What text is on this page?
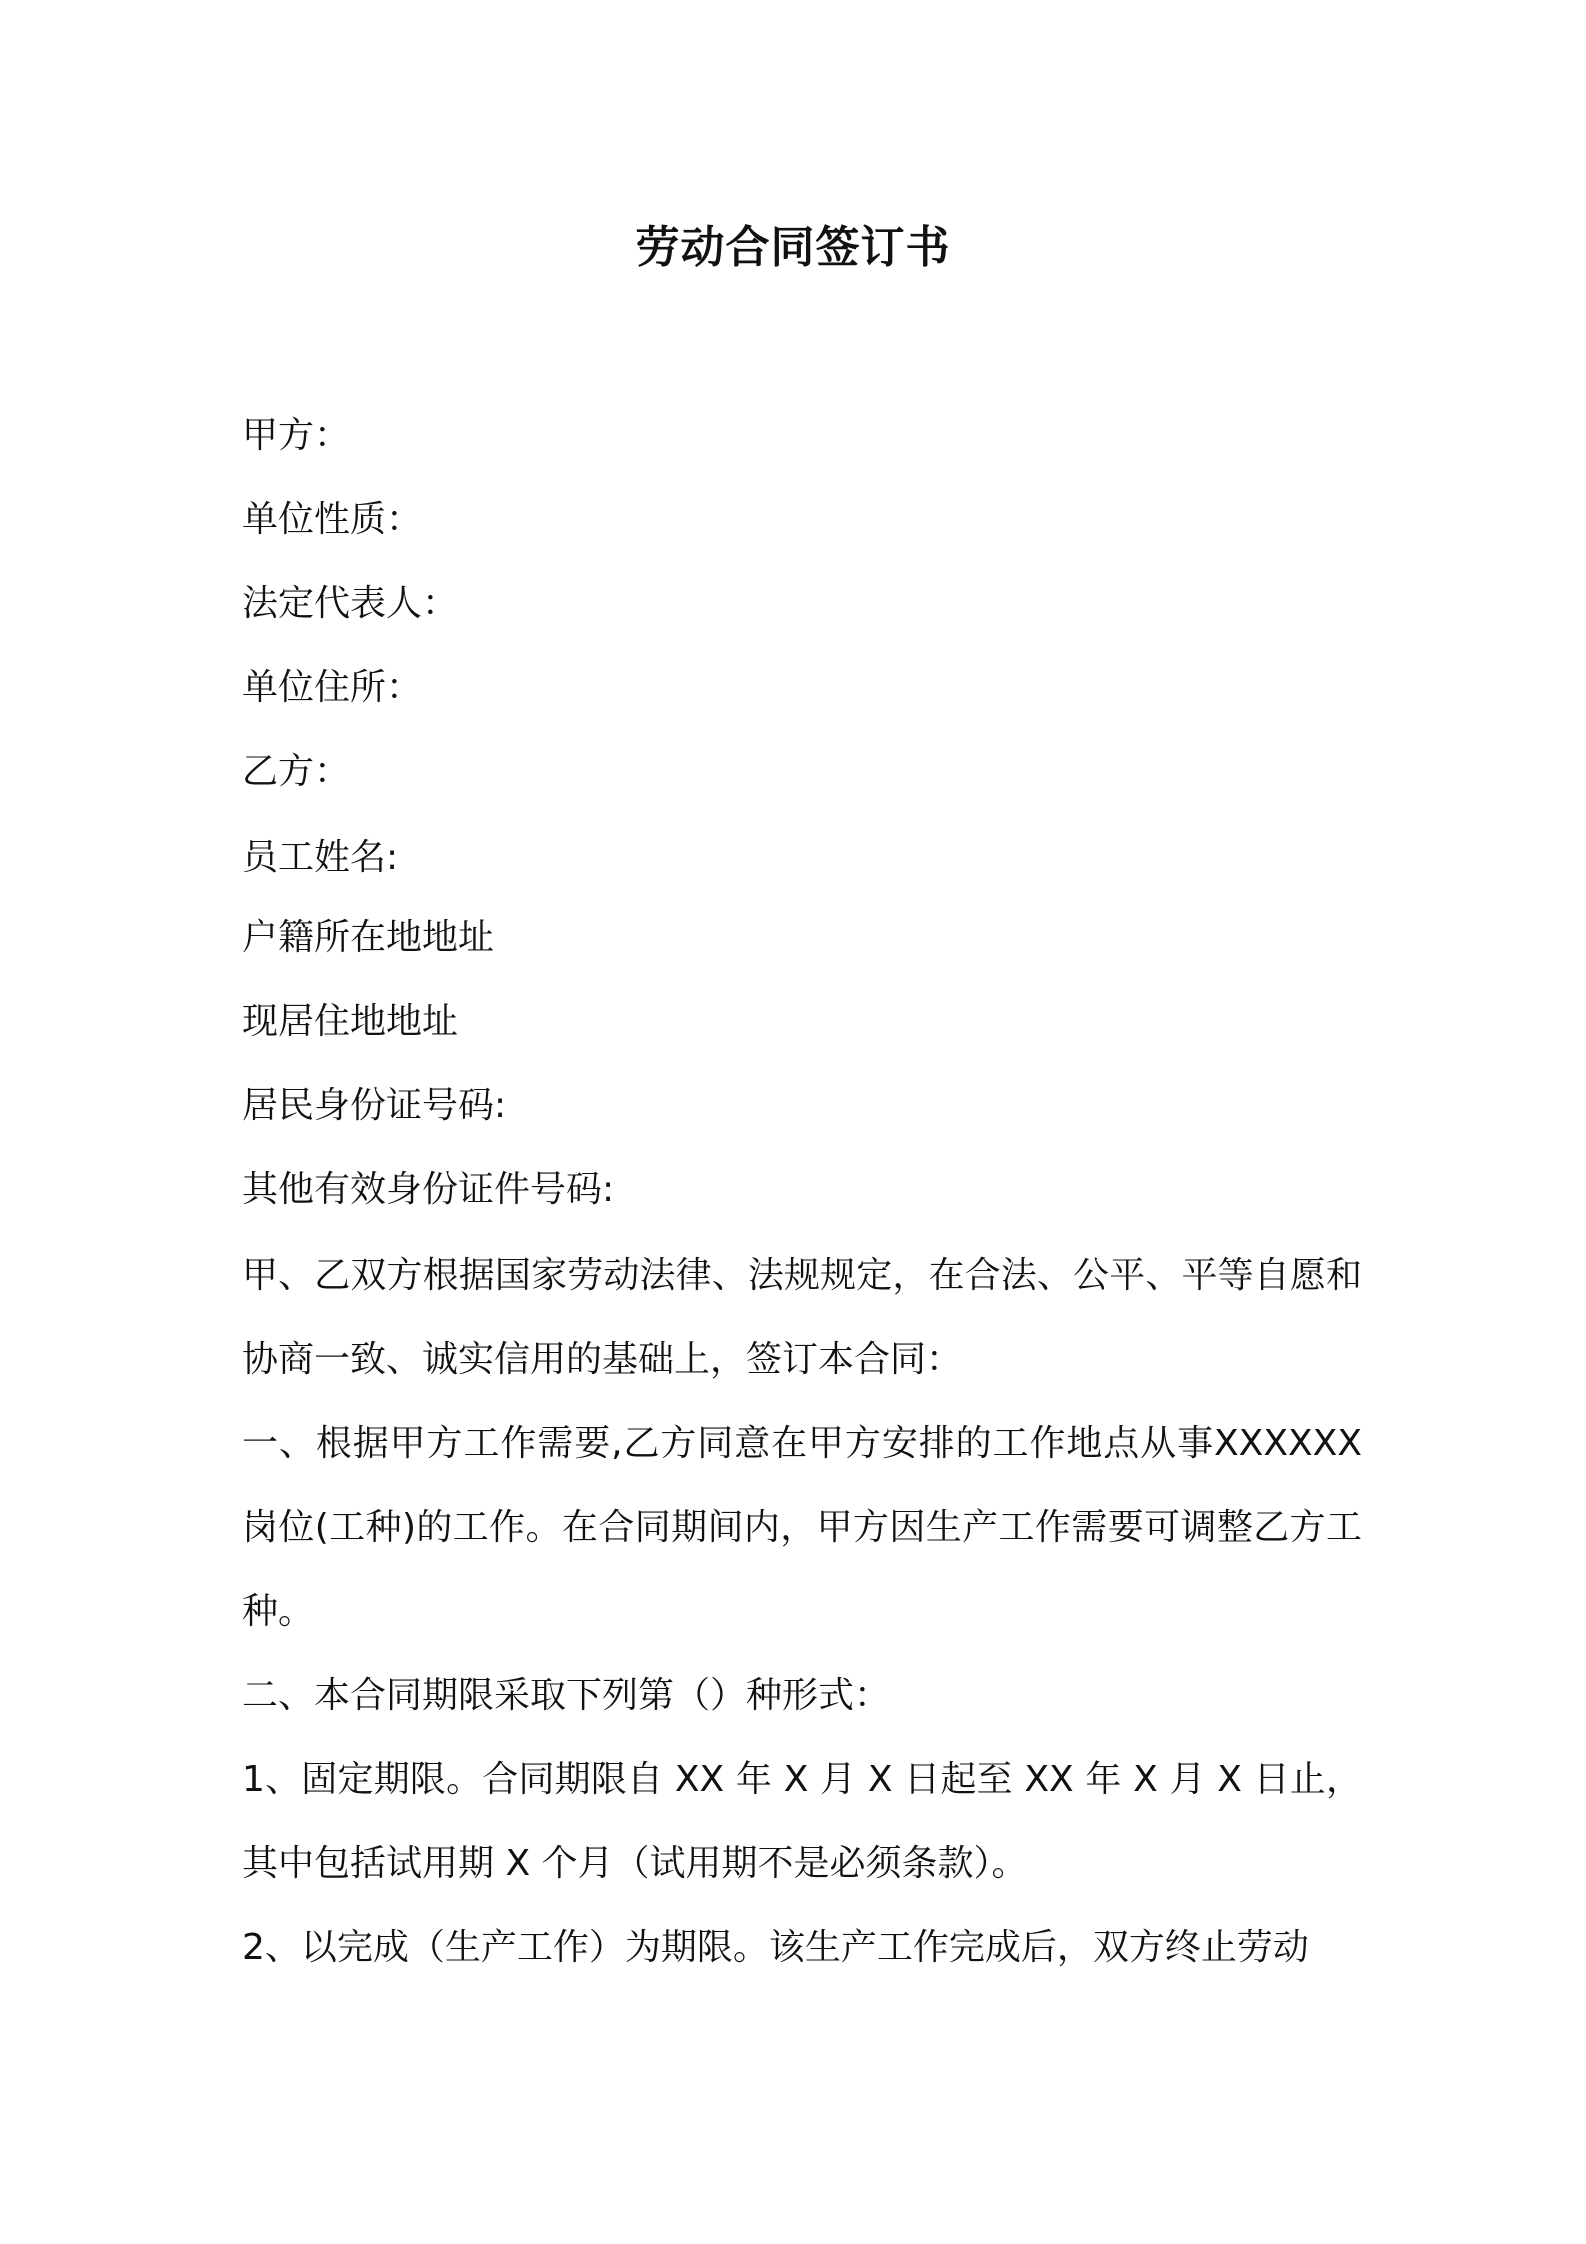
劳动合同签订书
甲方：
单位性质：
法定代表人：
单位住所：
乙方：
员工姓名:
户籍所在地地址
现居住地地址
居民身份证号码:
其他有效身份证件号码:
甲、乙双方根据国家劳动法律、法规规定，在合法、公平、平等自愿和协商一致、诚实信用的基础上，签订本合同：
一、根据甲方工作需要,乙方同意在甲方安排的工作地点从事XXXXXX岗位(工种)的工作。在合同期间内，甲方因生产工作需要可调整乙方工种。
二、本合同期限采取下列第（）种形式：
1、固定期限。合同期限自 XX 年 X 月 X 日起至 XX 年 X 月 X 日止，其中包括试用期 X 个月（试用期不是必须条款）。
2、以完成（生产工作）为期限。该生产工作完成后，双方终止劳动
